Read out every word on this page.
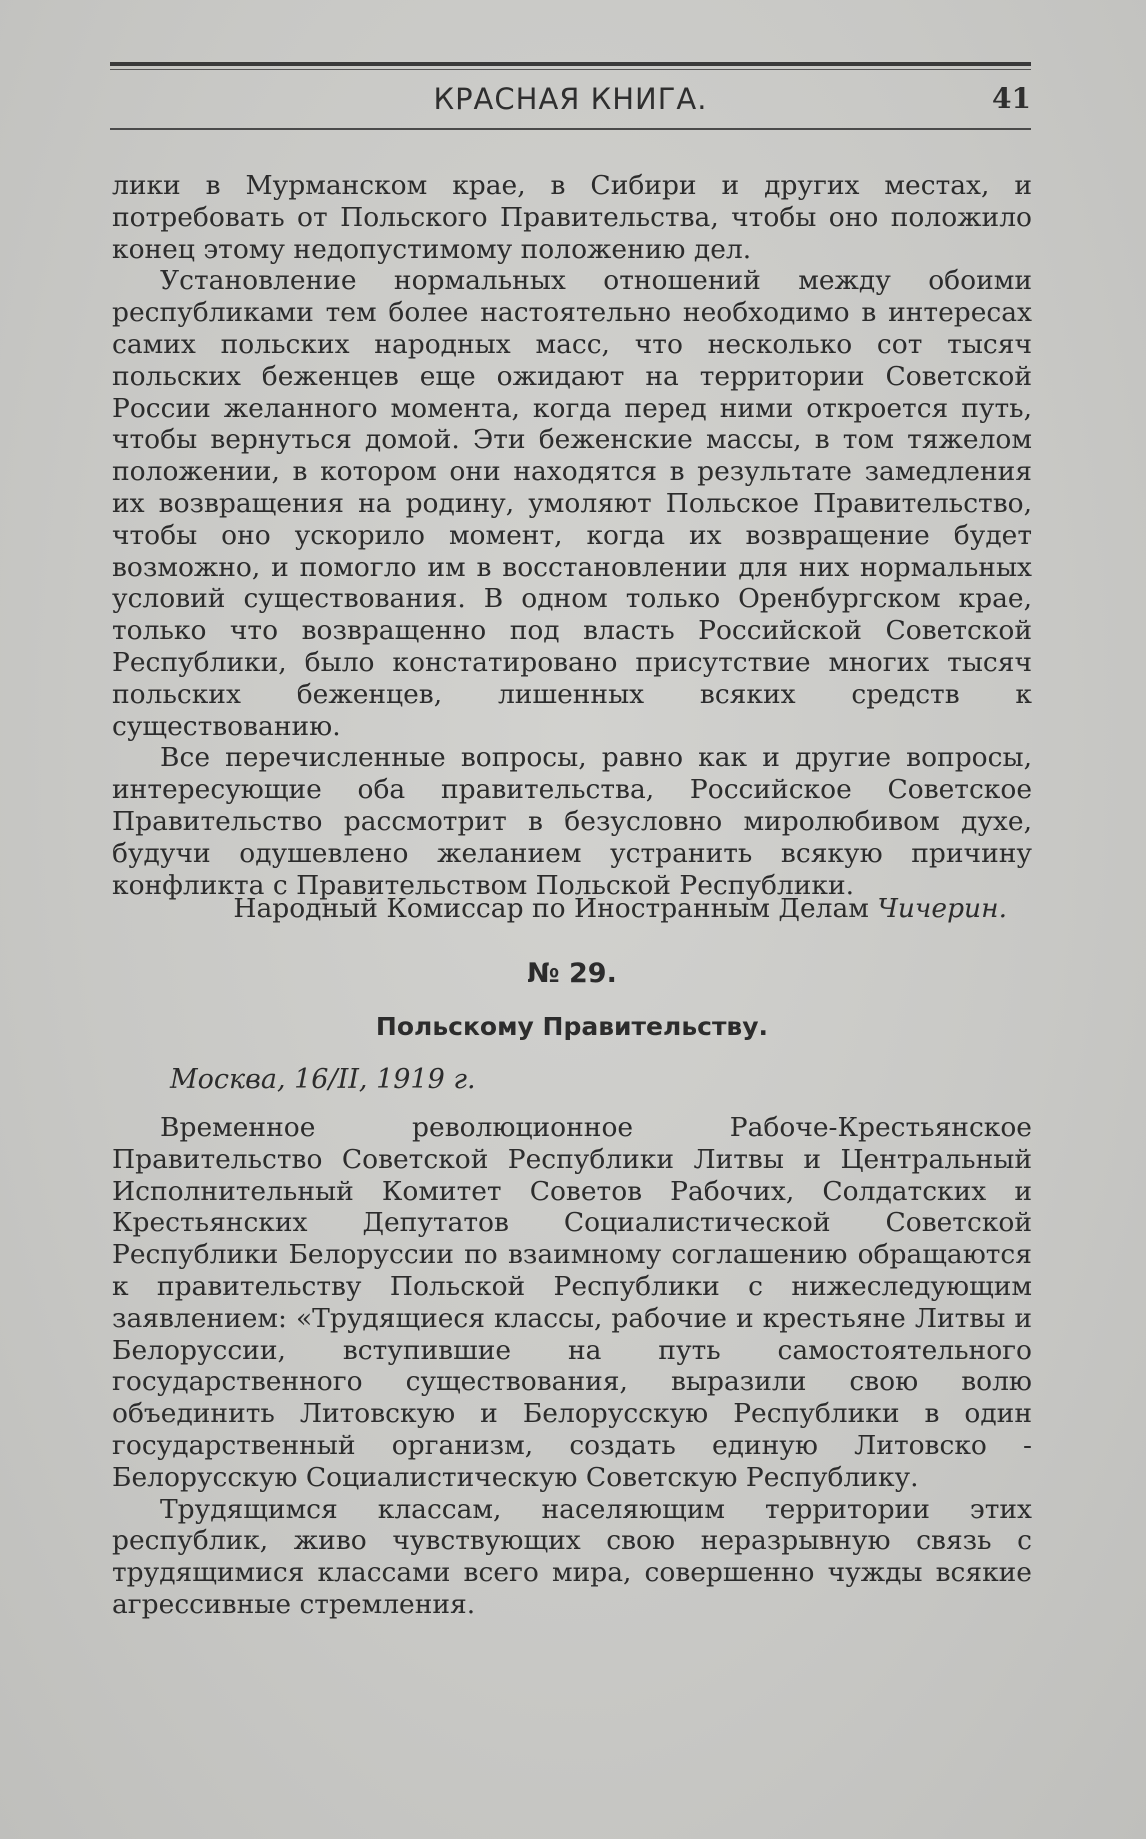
КРАСНАЯ КНИГА.	41

лики в Мурманском крае, в Сибири и других местах, и потребовать от Польского Правительства, чтобы оно положило конец этому недопустимому положению дел.

Установление нормальных отношений между обоими республиками тем более настоятельно необходимо в интересах самих польских народных масс, что несколько сот тысяч польских беженцев еще ожидают на территории Советской России желанного момента, когда перед ними откроется путь, чтобы вернуться домой. Эти беженские массы, в том тяжелом положении, в котором они находятся в результате замедления их возвращения на родину, умоляют Польское Правительство, чтобы оно ускорило момент, когда их возвращение будет возможно, и помогло им в восстановлении для них нормальных условий существования. В одном только Оренбургском крае, только что возвращенно под власть Российской Советской Республики, было констатировано присутствие многих тысяч польских беженцев, лишенных всяких средств к существованию.

Все перечисленные вопросы, равно как и другие вопросы, интересующие оба правительства, Российское Советское Правительство рассмотрит в безусловно миролюбивом духе, будучи одушевлено желанием устранить всякую причину конфликта с Правительством Польской Республики.

Народный Комиссар по Иностранным Делам Чичерин.
№ 29.
Польскому Правительству.
Москва, 16/II, 1919 г.

Временное революционное Рабоче-Крестьянское Правительство Советской Республики Литвы и Центральный Исполнительный Комитет Советов Рабочих, Солдатских и Крестьянских Депутатов Социалистической Советской Республики Белоруссии по взаимному соглашению обращаются к правительству Польской Республики с нижеследующим заявлением: «Трудящиеся классы, рабочие и крестьяне Литвы и Белоруссии, вступившие на путь самостоятельного государственного существования, выразили свою волю объединить Литовскую и Белорусскую Республики в один государственный организм, создать единую Литовско - Белорусскую Социалистическую Советскую Республику.

Трудящимся классам, населяющим территории этих республик, живо чувствующих свою неразрывную связь с трудящимися классами всего мира, совершенно чужды всякие агрессивные стремления.
